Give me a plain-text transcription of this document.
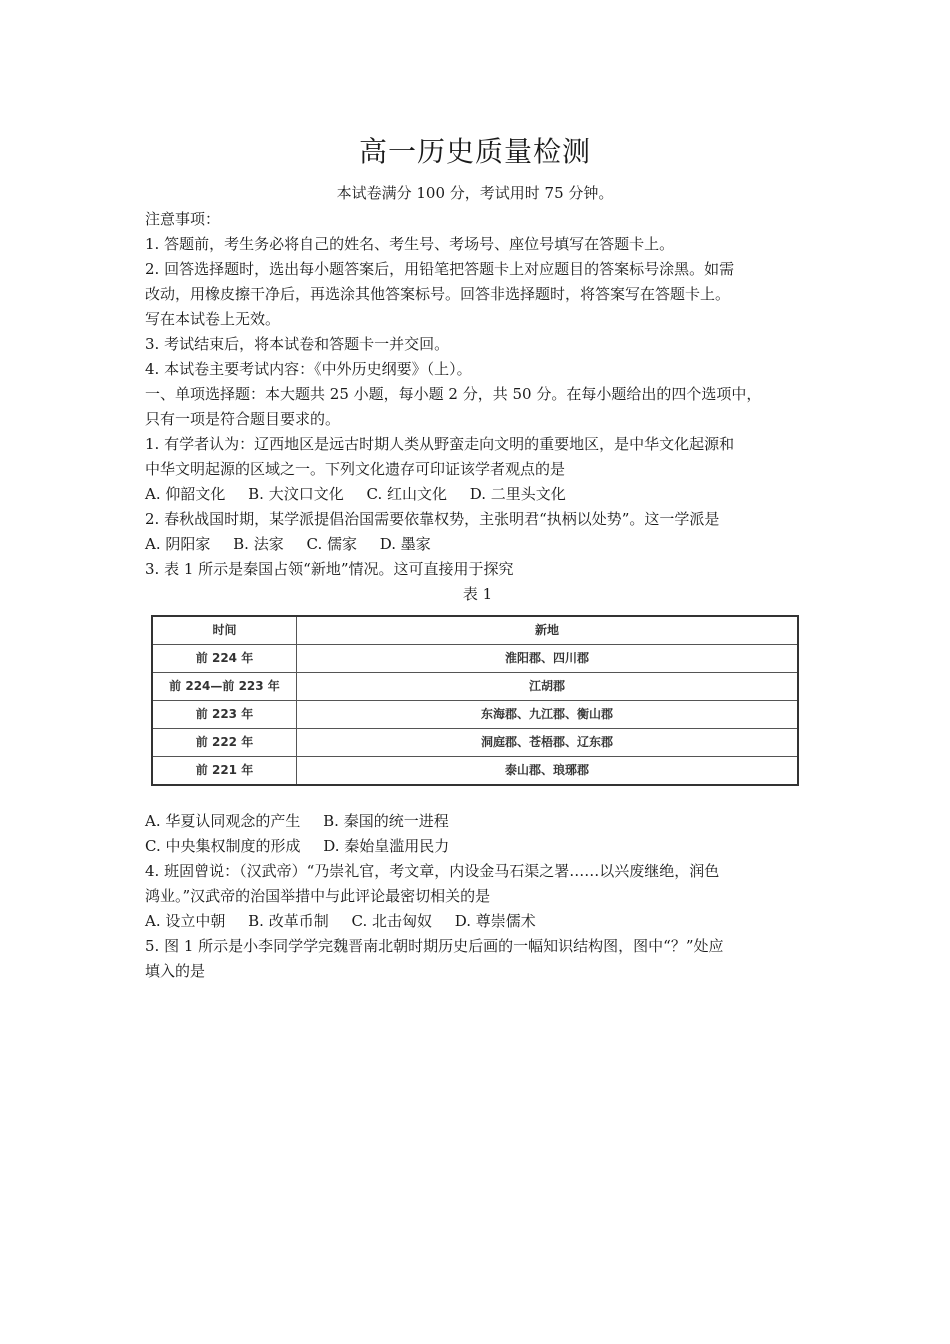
高一历史质量检测
本试卷满分 100 分，考试用时 75 分钟。
注意事项：
1. 答题前，考生务必将自己的姓名、考生号、考场号、座位号填写在答题卡上。
2. 回答选择题时，选出每小题答案后，用铅笔把答题卡上对应题目的答案标号涂黑。如需
改动，用橡皮擦干净后，再选涂其他答案标号。回答非选择题时，将答案写在答题卡上。
写在本试卷上无效。
3. 考试结束后，将本试卷和答题卡一并交回。
4. 本试卷主要考试内容：《中外历史纲要》（上）。
一、单项选择题：本大题共 25 小题，每小题 2 分，共 50 分。在每小题给出的四个选项中，
只有一项是符合题目要求的。
1. 有学者认为：辽西地区是远古时期人类从野蛮走向文明的重要地区，是中华文化起源和
中华文明起源的区域之一。下列文化遗存可印证该学者观点的是
A. 仰韶文化 B. 大汶口文化 C. 红山文化 D. 二里头文化
2. 春秋战国时期，某学派提倡治国需要依靠权势，主张明君“执柄以处势”。这一学派是
A. 阴阳家 B. 法家 C. 儒家 D. 墨家
3. 表 1 所示是秦国占领“新地”情况。这可直接用于探究
表 1
时间	新地
前 224 年	淮阳郡、四川郡
前 224—前 223 年	江胡郡
前 223 年	东海郡、九江郡、衡山郡
前 222 年	洞庭郡、苍梧郡、辽东郡
前 221 年	泰山郡、琅琊郡
A. 华夏认同观念的产生 B. 秦国的统一进程
C. 中央集权制度的形成 D. 秦始皇滥用民力
4. 班固曾说：（汉武帝）“乃崇礼官，考文章，内设金马石渠之署……以兴废继绝，润色
鸿业。”汉武帝的治国举措中与此评论最密切相关的是
A. 设立中朝 B. 改革币制 C. 北击匈奴 D. 尊崇儒术
5. 图 1 所示是小李同学学完魏晋南北朝时期历史后画的一幅知识结构图，图中“？”处应
填入的是
